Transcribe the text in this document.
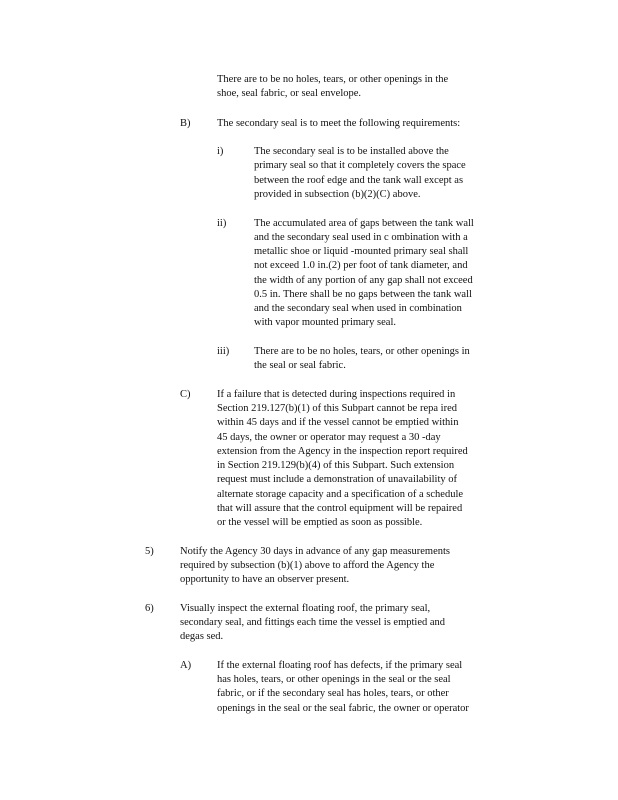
There are to be no holes, tears, or other openings in the
shoe, seal fabric, or seal envelope.
B)	The secondary seal is to meet the following requirements:
i)	The secondary seal is to be installed above the
primary seal so that it completely covers the space
between the roof edge and the tank wall except as
provided in subsection (b)(2)(C) above.
ii)	The accumulated area of gaps between the tank wall
and the secondary seal used in c ombination with a
metallic shoe or liquid -mounted primary seal shall
not exceed 1.0 in.(2) per foot of tank diameter, and
the width of any portion of any gap shall not exceed
0.5 in. There shall be no gaps between the tank wall
and the secondary seal when used in combination
with vapor mounted primary seal.
iii) There are to be no holes, tears, or other openings in
the seal or seal fabric.
C)	If a failure that is detected during inspections required in
Section 219.127(b)(1) of this Subpart cannot be repa ired
within 45 days and if the vessel cannot be emptied within
45 days, the owner or operator may request a 30 -day
extension from the Agency in the inspection report required
in Section 219.129(b)(4) of this Subpart. Such extension
request must include a demonstration of unavailability of
alternate storage capacity and a specification of a schedule
that will assure that the control equipment will be repaired
or the vessel will be emptied as soon as possible.
5)	Notify the Agency 30 days in advance of any gap measurements
required by subsection (b)(1) above to afford the Agency the
opportunity to have an observer present.
6)	Visually inspect the external floating roof, the primary seal,
secondary seal, and fittings each time the vessel is emptied and
degas sed.
A) If the external floating roof has defects, if the primary seal
has holes, tears, or other openings in the seal or the seal
fabric, or if the secondary seal has holes, tears, or other
openings in the seal or the seal fabric, the owner or operator
